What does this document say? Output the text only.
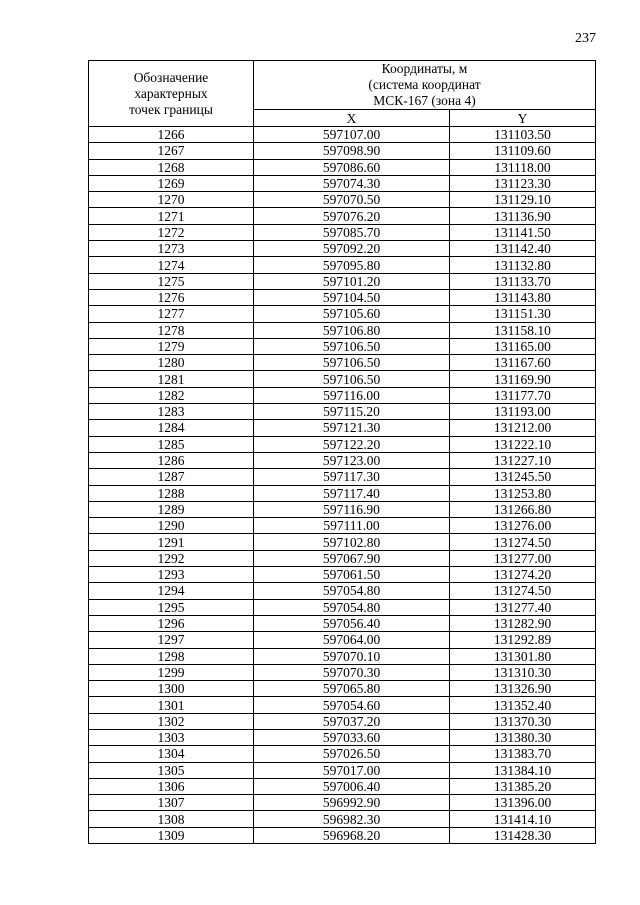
237
Обозначение
характерных
точек границы	Координаты, м
(система координат
МСК-167 (зона 4)	

	X	Y
1266	597107.00	131103.50
1267	597098.90	131109.60
1268	597086.60	131118.00
1269	597074.30	131123.30
1270	597070.50	131129.10
1271	597076.20	131136.90
1272	597085.70	131141.50
1273	597092.20	131142.40
1274	597095.80	131132.80
1275	597101.20	131133.70
1276	597104.50	131143.80
1277	597105.60	131151.30
1278	597106.80	131158.10
1279	597106.50	131165.00
1280	597106.50	131167.60
1281	597106.50	131169.90
1282	597116.00	131177.70
1283	597115.20	131193.00
1284	597121.30	131212.00
1285	597122.20	131222.10
1286	597123.00	131227.10
1287	597117.30	131245.50
1288	597117.40	131253.80
1289	597116.90	131266.80
1290	597111.00	131276.00
1291	597102.80	131274.50
1292	597067.90	131277.00
1293	597061.50	131274.20
1294	597054.80	131274.50
1295	597054.80	131277.40
1296	597056.40	131282.90
1297	597064.00	131292.89
1298	597070.10	131301.80
1299	597070.30	131310.30
1300	597065.80	131326.90
1301	597054.60	131352.40
1302	597037.20	131370.30
1303	597033.60	131380.30
1304	597026.50	131383.70
1305	597017.00	131384.10
1306	597006.40	131385.20
1307	596992.90	131396.00
1308	596982.30	131414.10
1309	596968.20	131428.30
